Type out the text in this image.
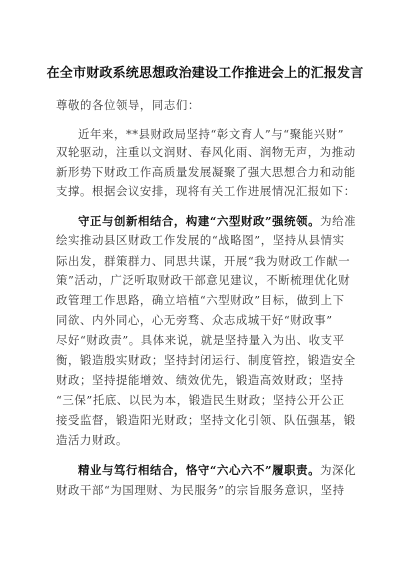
在全市财政系统思想政治建设工作推进会上的汇报发言
尊敬的各位领导，同志们：
近年来，**县财政局坚持“彰文育人”与“聚能兴财”
双轮驱动，注重以文润财、春风化雨、润物无声，为推动
新形势下财政工作高质量发展凝聚了强大思想合力和动能
支撑。根据会议安排，现将有关工作进展情况汇报如下：
守正与创新相结合，构建“六型财政”强统领。为给准
绘实推动县区财政工作发展的“战略图”，坚持从县情实
际出发，群策群力、同思共谋，开展“我为财政工作献一
策”活动，广泛听取财政干部意见建议，不断梳理优化财
政管理工作思路，确立培植“六型财政”目标，做到上下
同欲、内外同心，心无旁骛、众志成城干好“财政事”
尽好“财政责”。具体来说，就是坚持量入为出、收支平
衡，锻造殷实财政；坚持封闭运行、制度管控，锻造安全
财政；坚持提能增效、绩效优先，锻造高效财政；坚持
“三保”托底、以民为本，锻造民生财政；坚持公开公正
接受监督，锻造阳光财政；坚持文化引领、队伍强基，锻
造活力财政。
精业与笃行相结合，恪守“六心六不”履职责。为深化
财政干部“为国理财、为民服务”的宗旨服务意识，坚持
